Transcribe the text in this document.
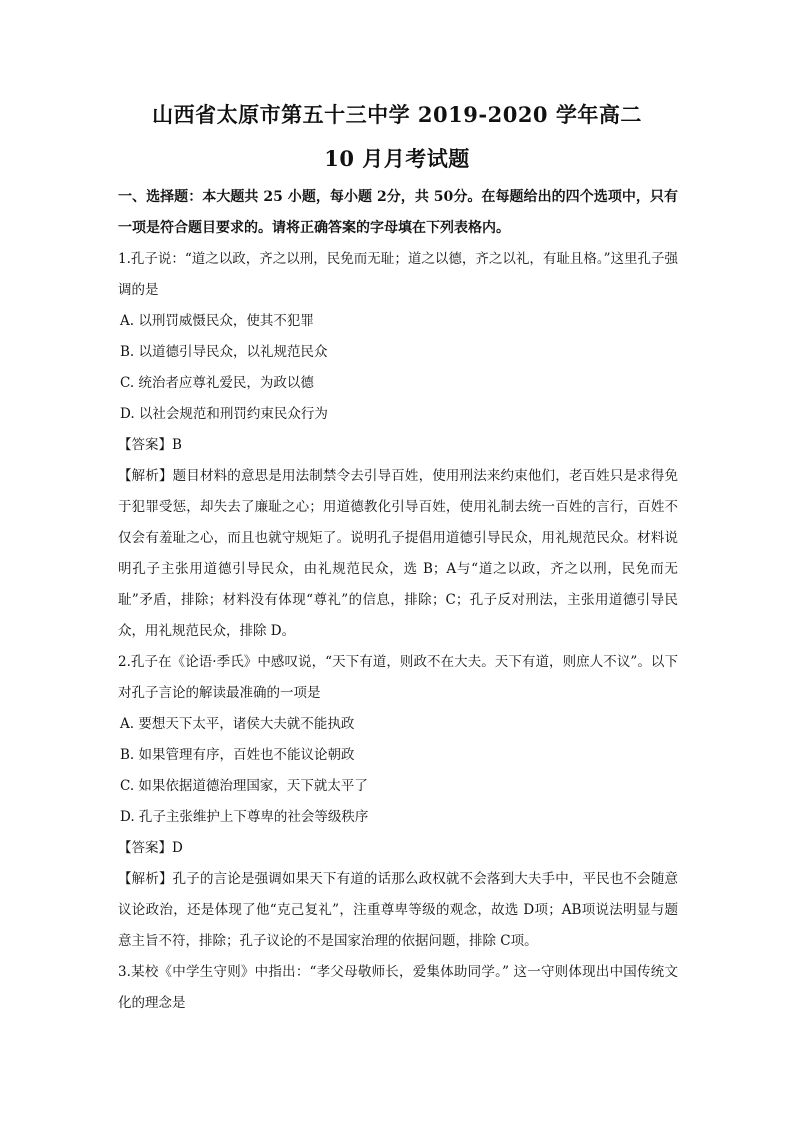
山西省太原市第五十三中学 2019-2020 学年高二
10 月月考试题

一、选择题：本大题共 25 小题，每小题 2分，共 50分。在每题给出的四个选项中，只有一项是符合题目要求的。请将正确答案的字母填在下列表格内。

1.孔子说：“道之以政，齐之以刑，民免而无耻；道之以德，齐之以礼，有耻且格。”这里孔子强调的是

A. 以刑罚威慑民众，使其不犯罪

B. 以道德引导民众，以礼规范民众

C. 统治者应尊礼爱民，为政以德

D. 以社会规范和刑罚约束民众行为

【答案】B

【解析】题目材料的意思是用法制禁令去引导百姓，使用刑法来约束他们，老百姓只是求得免于犯罪受惩，却失去了廉耻之心；用道德教化引导百姓，使用礼制去统一百姓的言行，百姓不仅会有羞耻之心，而且也就守规矩了。说明孔子提倡用道德引导民众，用礼规范民众。材料说明孔子主张用道德引导民众，由礼规范民众，选 B；A与“道之以政，齐之以刑，民免而无耻”矛盾，排除；材料没有体现“尊礼”的信息，排除；C；孔子反对刑法，主张用道德引导民众，用礼规范民众，排除 D。

2.孔子在《论语·季氏》中感叹说，“天下有道，则政不在大夫。天下有道，则庶人不议”。以下对孔子言论的解读最准确的一项是

A. 要想天下太平，诸侯大夫就不能执政

B. 如果管理有序，百姓也不能议论朝政

C. 如果依据道德治理国家，天下就太平了

D. 孔子主张维护上下尊卑的社会等级秩序

【答案】D

【解析】孔子的言论是强调如果天下有道的话那么政权就不会落到大夫手中，平民也不会随意议论政治，还是体现了他“克己复礼”，注重尊卑等级的观念，故选 D项；AB项说法明显与题意主旨不符，排除；孔子议论的不是国家治理的依据问题，排除 C项。

3.某校《中学生守则》中指出：“孝父母敬师长，爱集体助同学。” 这一守则体现出中国传统文化的理念是
